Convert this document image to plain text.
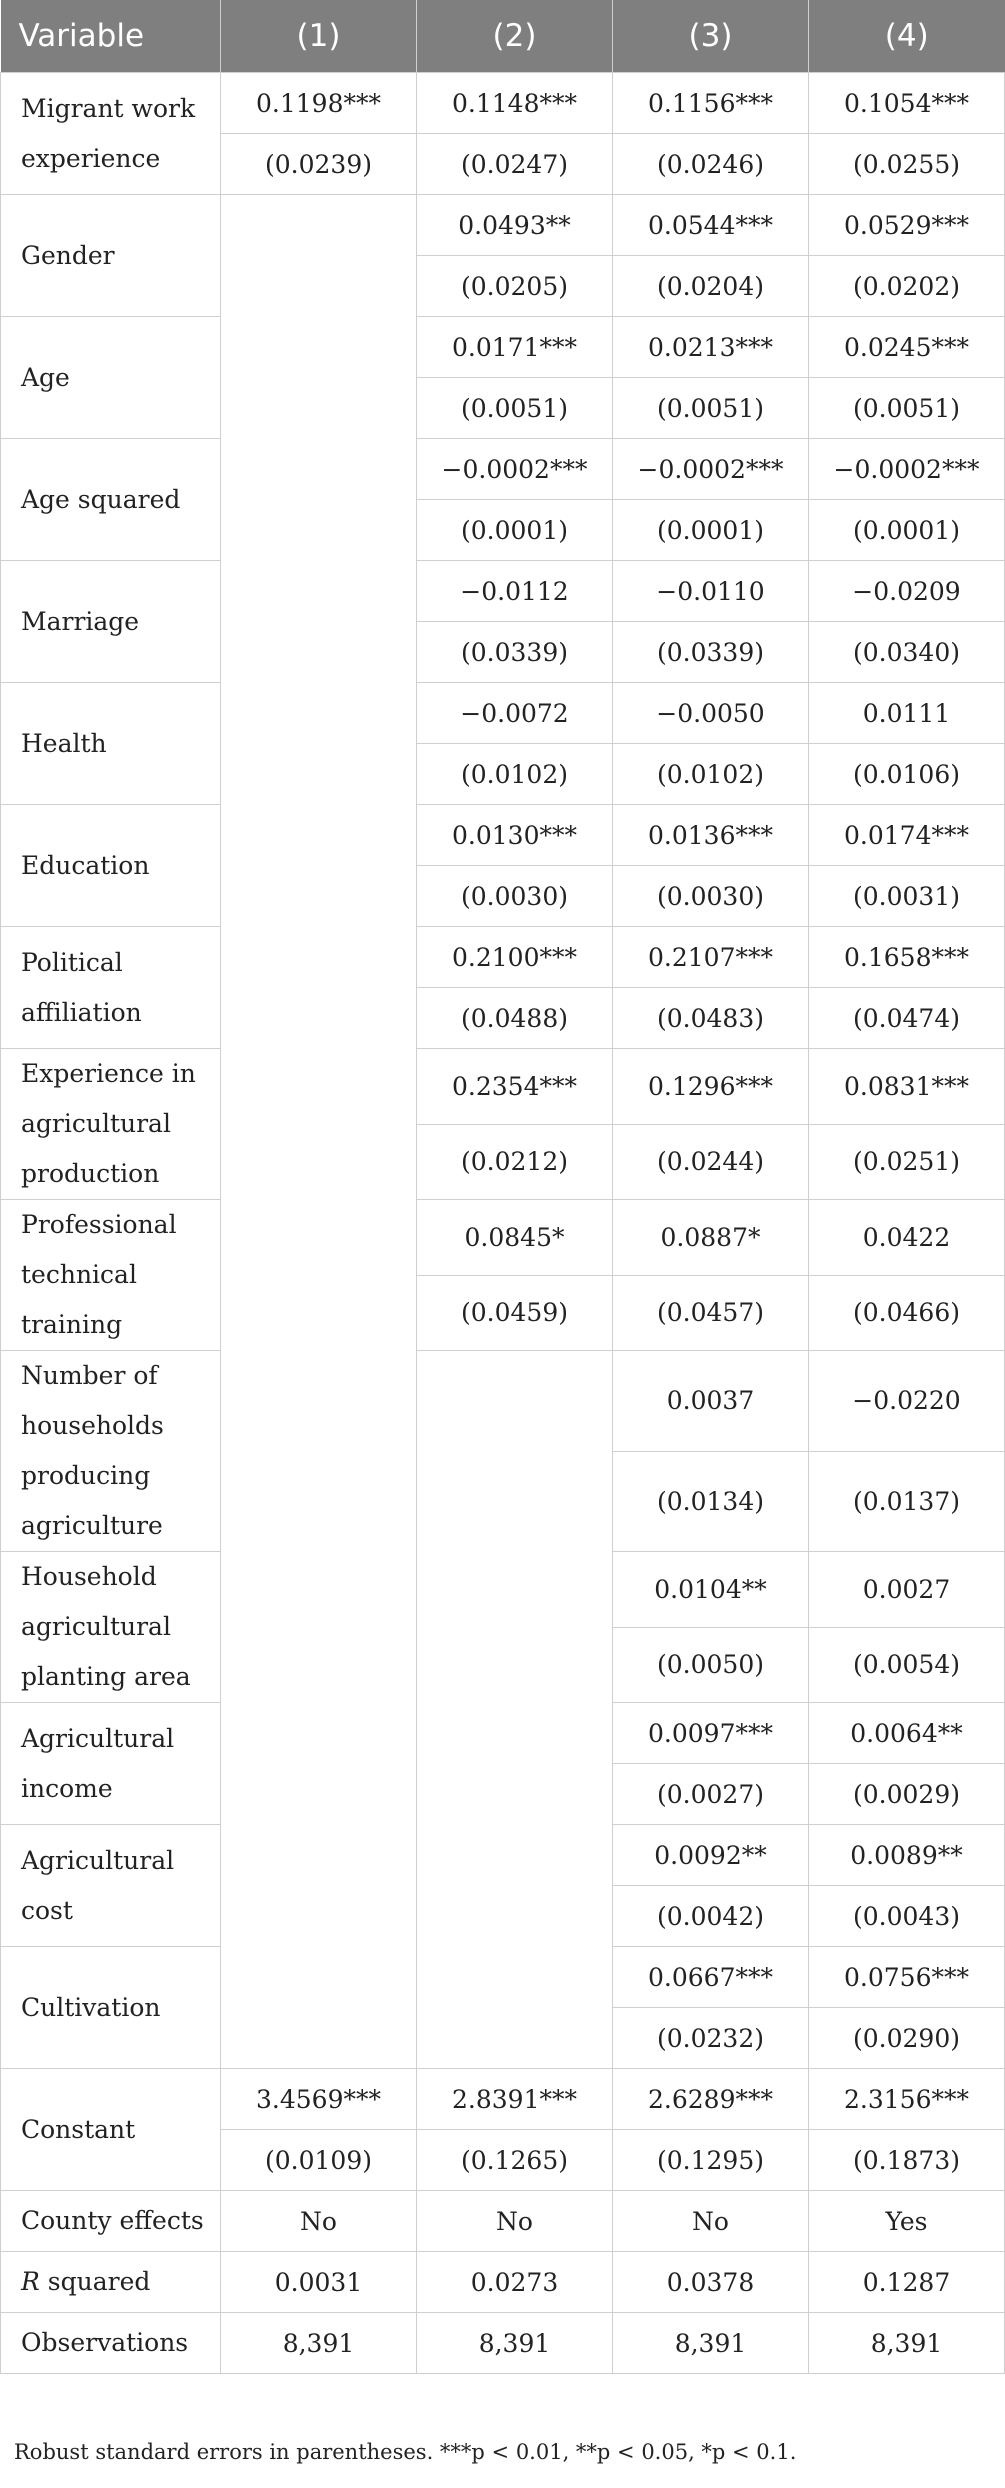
Variable	(1)	(2)	(3)	(4)
Migrant work experience	0.1198***	0.1148***	0.1156***	0.1054***
	(0.0239)	(0.0247)	(0.0246)	(0.0255)
Gender		0.0493**	0.0544***	0.0529***
		(0.0205)	(0.0204)	(0.0202)
Age		0.0171***	0.0213***	0.0245***
		(0.0051)	(0.0051)	(0.0051)
Age squared		−0.0002***	−0.0002***	−0.0002***
		(0.0001)	(0.0001)	(0.0001)
Marriage		−0.0112	−0.0110	−0.0209
		(0.0339)	(0.0339)	(0.0340)
Health		−0.0072	−0.0050	0.0111
		(0.0102)	(0.0102)	(0.0106)
Education		0.0130***	0.0136***	0.0174***
		(0.0030)	(0.0030)	(0.0031)
Political affiliation		0.2100***	0.2107***	0.1658***
		(0.0488)	(0.0483)	(0.0474)
Experience in agricultural production		0.2354***	0.1296***	0.0831***
		(0.0212)	(0.0244)	(0.0251)
Professional technical training		0.0845*	0.0887*	0.0422
		(0.0459)	(0.0457)	(0.0466)
Number of households producing agriculture			0.0037	−0.0220
			(0.0134)	(0.0137)
Household agricultural planting area			0.0104**	0.0027
			(0.0050)	(0.0054)
Agricultural income			0.0097***	0.0064**
			(0.0027)	(0.0029)
Agricultural cost			0.0092**	0.0089**
			(0.0042)	(0.0043)
Cultivation			0.0667***	0.0756***
			(0.0232)	(0.0290)
Constant	3.4569***	2.8391***	2.6289***	2.3156***
	(0.0109)	(0.1265)	(0.1295)	(0.1873)
County effects	No	No	No	Yes
R squared	0.0031	0.0273	0.0378	0.1287
Observations	8,391	8,391	8,391	8,391
Robust standard errors in parentheses. ***p < 0.01, **p < 0.05, *p < 0.1.
